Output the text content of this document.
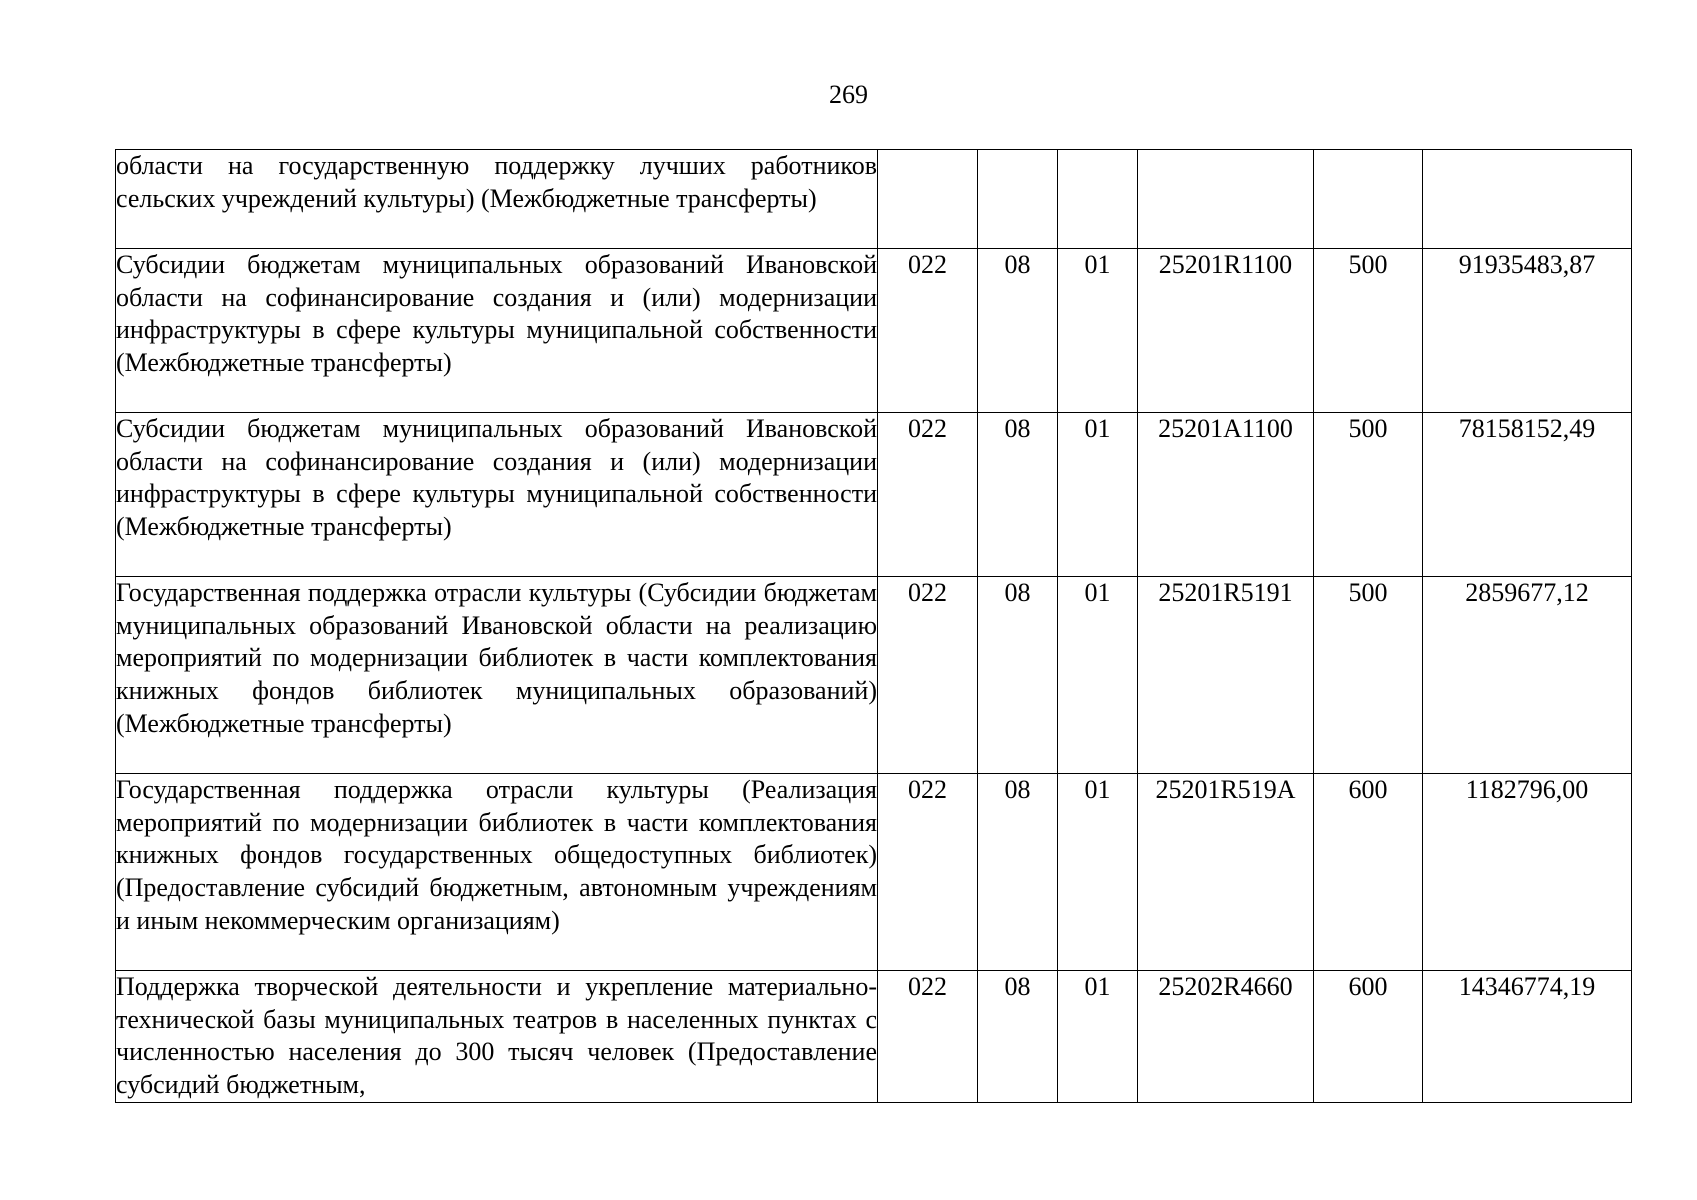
269
области на государственную поддержку лучших работников сельских учреждений культуры) (Межбюджетные трансферты)						
Субсидии бюджетам муниципальных образований Ивановской области на софинансирование создания и (или) модернизации инфраструктуры в сфере культуры муниципальной собственности (Межбюджетные трансферты)	022	08	01	25201R1100	500	91935483,87
Субсидии бюджетам муниципальных образований Ивановской области на софинансирование создания и (или) модернизации инфраструктуры в сфере культуры муниципальной собственности (Межбюджетные трансферты)	022	08	01	25201A1100	500	78158152,49
Государственная поддержка отрасли культуры (Субсидии бюджетам муниципальных образований Ивановской области на реализацию мероприятий по модернизации библиотек в части комплектования книжных фондов библиотек муниципальных образований) (Межбюджетные трансферты)	022	08	01	25201R5191	500	2859677,12
Государственная поддержка отрасли культуры (Реализация мероприятий по модернизации библиотек в части комплектования книжных фондов государственных общедоступных библиотек) (Предоставление субсидий бюджетным, автономным учреждениям и иным некоммерческим организациям)	022	08	01	25201R519A	600	1182796,00
Поддержка творческой деятельности и укрепление материально-технической базы муниципальных театров в населенных пунктах с численностью населения до 300 тысяч человек (Предоставление субсидий бюджетным,	022	08	01	25202R4660	600	14346774,19
